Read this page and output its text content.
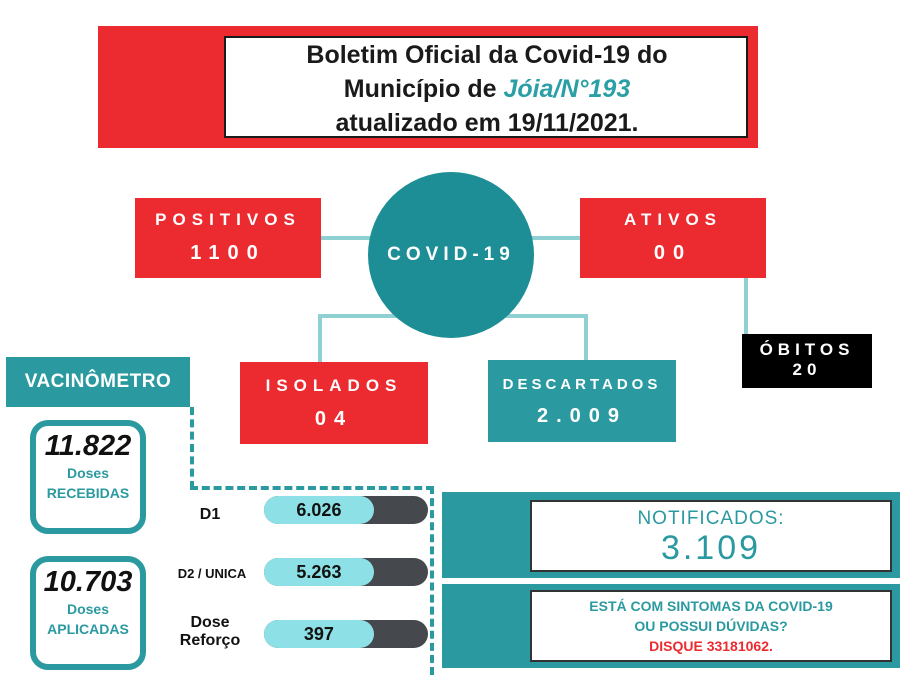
Boletim Oficial da Covid-19 do
Município de Jóia/N°193
atualizado em 19/11/2021.
POSITIVOS
1100	COVID-19
ATIVOS
00
ÓBITOS
20
ISOLADOS
04
DESCARTADOS
2.009
VACINÔMETRO
11.822
Doses
RECEBIDAS
10.703
Doses
APLICADAS
D1
D2 / UNICA
Dose
Reforço
6.026
5.263
397
NOTIFICADOS:
3.109
ESTÁ COM SINTOMAS DA COVID-19
OU POSSUI DÚVIDAS?
DISQUE 33181062.
